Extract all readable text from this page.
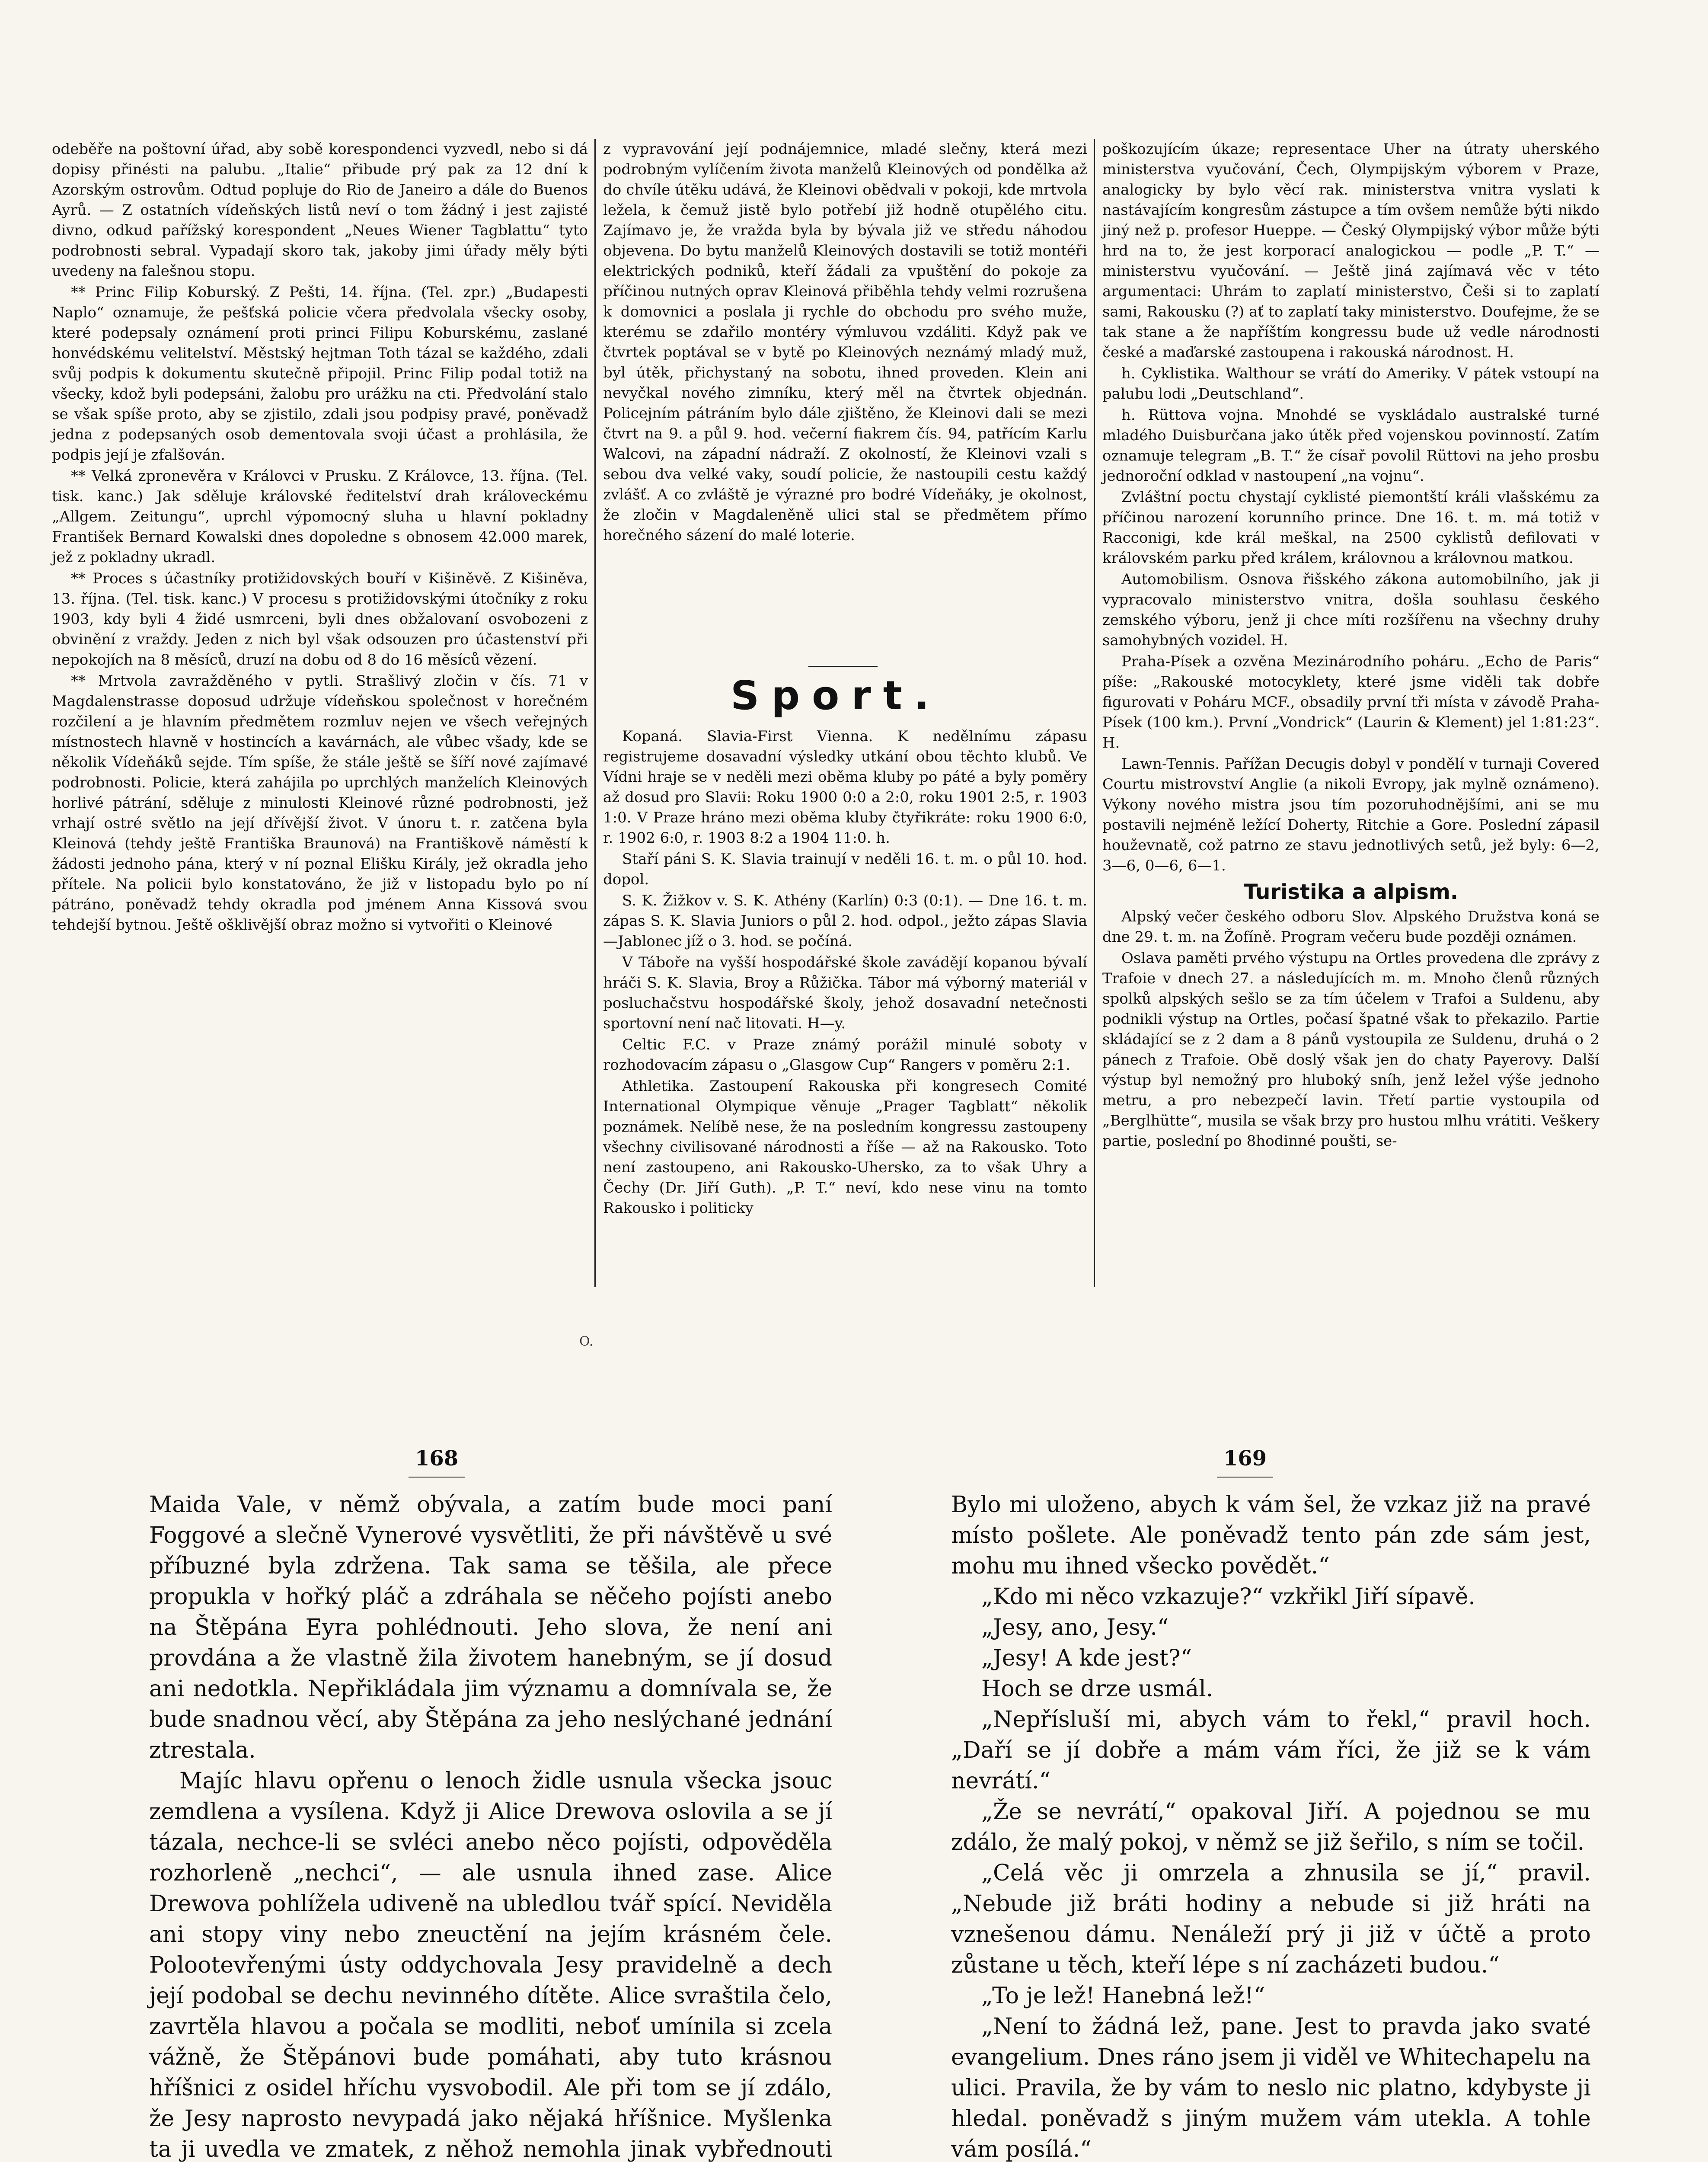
odeběře na poštovní úřad, aby sobě korespondenci vyzvedl, nebo si dá dopisy přinésti na palubu. „Italie“ přibude prý pak za 12 dní k Azorským ostrovům. Odtud popluje do Rio de Janeiro a dále do Buenos Ayrů. — Z ostatních vídeňských listů neví o tom žádný i jest zajisté divno, odkud pařížský korespondent „Neues Wiener Tagblattu“ tyto podrobnosti sebral. Vypadají skoro tak, jakoby jimi úřady měly býti uvedeny na falešnou stopu.

** Princ Filip Koburský. Z Pešti, 14. října. (Tel. zpr.) „Budapesti Naplo“ oznamuje, že pešťská policie včera předvolala všecky osoby, které podepsaly oznámení proti princi Filipu Koburskému, zaslané honvédskému velitelství. Městský hejtman Toth tázal se každého, zdali svůj podpis k dokumentu skutečně připojil. Princ Filip podal totiž na všecky, kdož byli podepsáni, žalobu pro urážku na cti. Předvolání stalo se však spíše proto, aby se zjistilo, zdali jsou podpisy pravé, poněvadž jedna z podepsaných osob dementovala svoji účast a prohlásila, že podpis její je zfalšován.

** Velká zpronevěra v Královci v Prusku. Z Královce, 13. října. (Tel. tisk. kanc.) Jak sděluje královské ředitelství drah královeckému „Allgem. Zeitungu“, uprchl výpomocný sluha u hlavní pokladny František Bernard Kowalski dnes dopoledne s obnosem 42.000 marek, jež z pokladny ukradl.

** Proces s účastníky protižidovských bouří v Kišiněvě. Z Kišiněva, 13. října. (Tel. tisk. kanc.) V procesu s protižidovskými útočníky z roku 1903, kdy byli 4 židé usmrceni, byli dnes obžalovaní osvobozeni z obvinění z vraždy. Jeden z nich byl však odsouzen pro účastenství při nepokojích na 8 měsíců, druzí na dobu od 8 do 16 měsíců vězení.

** Mrtvola zavražděného v pytli. Strašlivý zločin v čís. 71 v Magdalenstrasse doposud udržuje vídeňskou společnost v horečném rozčilení a je hlavním předmětem rozmluv nejen ve všech veřejných místnostech hlavně v hostincích a kavárnách, ale vůbec všady, kde se několik Vídeňáků sejde. Tím spíše, že stále ještě se šíří nové zajímavé podrobnosti. Policie, která zahájila po uprchlých manželích Kleinových horlivé pátrání, sděluje z minulosti Kleinové různé podrobnosti, jež vrhají ostré světlo na její dřívější život. V únoru t. r. zatčena byla Kleinová (tehdy ještě Františka Braunová) na Františkově náměstí k žádosti jednoho pána, který v ní poznal Elišku Király, jež okradla jeho přítele. Na policii bylo konstatováno, že již v listopadu bylo po ní pátráno, poněvadž tehdy okradla pod jménem Anna Kissová svou tehdejší bytnou. Ještě ošklivější obraz možno si vytvořiti o Kleinové

z vypravování její podnájemnice, mladé slečny, která mezi podrobným vylíčením života manželů Kleinových od pondělka až do chvíle útěku udává, že Kleinovi obědvali v pokoji, kde mrtvola ležela, k čemuž jistě bylo potřebí již hodně otupělého citu. Zajímavo je, že vražda byla by bývala již ve středu náhodou objevena. Do bytu manželů Kleinových dostavili se totiž montéři elektrických podniků, kteří žádali za vpuštění do pokoje za příčinou nutných oprav Kleinová přiběhla tehdy velmi rozrušena k domovnici a poslala ji rychle do obchodu pro svého muže, kterému se zdařilo montéry výmluvou vzdáliti. Když pak ve čtvrtek poptával se v bytě po Kleinových neznámý mladý muž, byl útěk, přichystaný na sobotu, ihned proveden. Klein ani nevyčkal nového zimníku, který měl na čtvrtek objednán. Policejním pátráním bylo dále zjištěno, že Kleinovi dali se mezi čtvrt na 9. a půl 9. hod. večerní fiakrem čís. 94, patřícím Karlu Walcovi, na západní nádraží. Z okolností, že Kleinovi vzali s sebou dva velké vaky, soudí policie, že nastoupili cestu každý zvlášť. A co zvláště je výrazné pro bodré Vídeňáky, je okolnost, že zločin v Magdaleněně ulici stal se předmětem přímo horečného sázení do malé loterie.

Sport.

Kopaná. Slavia-First Vienna. K nedělnímu zápasu registrujeme dosavadní výsledky utkání obou těchto klubů. Ve Vídni hraje se v neděli mezi oběma kluby po páté a byly poměry až dosud pro Slavii: Roku 1900 0:0 a 2:0, roku 1901 2:5, r. 1903 1:0. V Praze hráno mezi oběma kluby čtyřikráte: roku 1900 6:0, r. 1902 6:0, r. 1903 8:2 a 1904 11:0. h.

Staří páni S. K. Slavia trainují v neděli 16. t. m. o půl 10. hod. dopol.

S. K. Žižkov v. S. K. Athény (Karlín) 0:3 (0:1). — Dne 16. t. m. zápas S. K. Slavia Juniors o půl 2. hod. odpol., ježto zápas Slavia—Jablonec jíž o 3. hod. se počíná.

V Táboře na vyšší hospodářské škole zavádějí kopanou bývalí hráči S. K. Slavia, Broy a Růžička. Tábor má výborný materiál v posluchačstvu hospodářské školy, jehož dosavadní netečnosti sportovní není nač litovati. H—y.

Celtic F.C. v Praze známý porážil minulé soboty v rozhodovacím zápasu o „Glasgow Cup“ Rangers v poměru 2:1.

Athletika. Zastoupení Rakouska při kongresech Comité International Olympique věnuje „Prager Tagblatt“ několik poznámek. Nelíbě nese, že na posledním kongressu zastoupeny všechny civilisované národnosti a říše — až na Rakousko. Toto není zastoupeno, ani Rakousko-Uhersko, za to však Uhry a Čechy (Dr. Jiří Guth). „P. T.“ neví, kdo nese vinu na tomto Rakousko i politicky

poškozujícím úkaze; representace Uher na útraty uherského ministerstva vyučování, Čech, Olympijským výborem v Praze, analogicky by bylo věcí rak. ministerstva vnitra vyslati k nastávajícím kongresům zástupce a tím ovšem nemůže býti nikdo jiný než p. profesor Hueppe. — Český Olympijský výbor může býti hrd na to, že jest korporací analogickou — podle „P. T.“ — ministerstvu vyučování. — Ještě jiná zajímavá věc v této argumentaci: Uhrám to zaplatí ministerstvo, Češi si to zaplatí sami, Rakousku (?) ať to zaplatí taky ministerstvo. Doufejme, že se tak stane a že napříštím kongressu bude už vedle národnosti české a maďarské zastoupena i rakouská národnost. H.

h. Cyklistika. Walthour se vrátí do Ameriky. V pátek vstoupí na palubu lodi „Deutschland“.

h. Rüttova vojna. Mnohdé se vyskládalo australské turné mladého Duisburčana jako útěk před vojenskou povinností. Zatím oznamuje telegram „B. T.“ že císař povolil Rüttovi na jeho prosbu jednoroční odklad v nastoupení „na vojnu“.

Zvláštní poctu chystají cyklisté piemontští králi vlašskému za příčinou narození korunního prince. Dne 16. t. m. má totiž v Racconigi, kde král meškal, na 2500 cyklistů defilovati v královském parku před králem, královnou a královnou matkou.

Automobilism. Osnova řišského zákona automobilního, jak ji vypracovalo ministerstvo vnitra, došla souhlasu českého zemského výboru, jenž ji chce míti rozšířenu na všechny druhy samohybných vozidel. H.

Praha-Písek a ozvěna Mezinárodního poháru. „Echo de Paris“ píše: „Rakouské motocyklety, které jsme viděli tak dobře figurovati v Poháru MCF., obsadily první tři místa v závodě Praha-Písek (100 km.). První „Vondrick“ (Laurin & Klement) jel 1:81:23“. H.

Lawn-Tennis. Pařížan Decugis dobyl v pondělí v turnaji Covered Courtu mistrovství Anglie (a nikoli Evropy, jak mylně oznámeno). Výkony nového mistra jsou tím pozoruhodnějšími, ani se mu postavili nejméně ležící Doherty, Ritchie a Gore. Poslední zápasil houževnatě, což patrno ze stavu jednotlivých setů, jež byly: 6—2, 3—6, 0—6, 6—1.

Turistika a alpism.

Alpský večer českého odboru Slov. Alpského Družstva koná se dne 29. t. m. na Žofíně. Program večeru bude později oznámen.

Oslava paměti prvého výstupu na Ortles provedena dle zprávy z Trafoie v dnech 27. a následujících m. m. Mnoho členů různých spolků alpských sešlo se za tím účelem v Trafoi a Suldenu, aby podnikli výstup na Ortles, počasí špatné však to překazilo. Partie skládající se z 2 dam a 8 pánů vystoupila ze Suldenu, druhá o 2 pánech z Trafoie. Obě doslý však jen do chaty Payerovy. Další výstup byl nemožný pro hluboký sníh, jenž ležel výše jednoho metru, a pro nebezpečí lavin. Třetí partie vystoupila od „Berglhütte“, musila se však brzy pro hustou mlhu vrátiti. Veškery partie, poslední po 8hodinné poušti, se-

O.
168	169

Maida Vale, v němž obývala, a zatím bude moci paní Foggové a slečně Vynerové vysvětliti, že při návštěvě u své příbuzné byla zdržena. Tak sama se těšila, ale přece propukla v hořký pláč a zdráhala se něčeho pojísti anebo na Štěpána Eyra pohlédnouti. Jeho slova, že není ani provdána a že vlastně žila životem hanebným, se jí dosud ani nedotkla. Nepřikládala jim významu a domnívala se, že bude snadnou věcí, aby Štěpána za jeho neslýchané jednání ztrestala.

Majíc hlavu opřenu o lenoch židle usnula všecka jsouc zemdlena a vysílena. Když ji Alice Drewova oslovila a se jí tázala, nechce-li se svléci anebo něco pojísti, odpověděla rozhorleně „nechci“, — ale usnula ihned zase. Alice Drewova pohlížela udiveně na ubledlou tvář spící. Neviděla ani stopy viny nebo zneuctění na jejím krásném čele. Polootevřenými ústy oddychovala Jesy pravidelně a dech její podobal se dechu nevinného dítěte. Alice svraštila čelo, zavrtěla hlavou a počala se modliti, neboť umínila si zcela vážně, že Štěpánovi bude pomáhati, aby tuto krásnou hříšnici z osidel hříchu vysvobodil. Ale při tom se jí zdálo, že Jesy naprosto nevypadá jako nějaká hříšnice. Myšlenka ta ji uvedla ve zmatek, z něhož nemohla jinak vybřednouti

Bylo mi uloženo, abych k vám šel, že vzkaz již na pravé místo pošlete. Ale poněvadž tento pán zde sám jest, mohu mu ihned všecko povědět.“

„Kdo mi něco vzkazuje?“ vzkřikl Jiří sípavě.

„Jesy, ano, Jesy.“

„Jesy! A kde jest?“

Hoch se drze usmál.

„Nepřísluší mi, abych vám to řekl,“ pravil hoch. „Daří se jí dobře a mám vám říci, že již se k vám nevrátí.“

„Že se nevrátí,“ opakoval Jiří. A pojednou se mu zdálo, že malý pokoj, v němž se již šeřilo, s ním se točil.

„Celá věc ji omrzela a zhnusila se jí,“ pravil. „Nebude již bráti hodiny a nebude si již hráti na vznešenou dámu. Nenáleží prý ji již v účtě a proto zůstane u těch, kteří lépe s ní zacházeti budou.“

„To je lež! Hanebná lež!“

„Není to žádná lež, pane. Jest to pravda jako svaté evangelium. Dnes ráno jsem ji viděl ve Whitechapelu na ulici. Pravila, že by vám to neslo nic platno, kdybyste ji hledal. poněvadž s jiným mužem vám utekla. A tohle vám posílá.“
